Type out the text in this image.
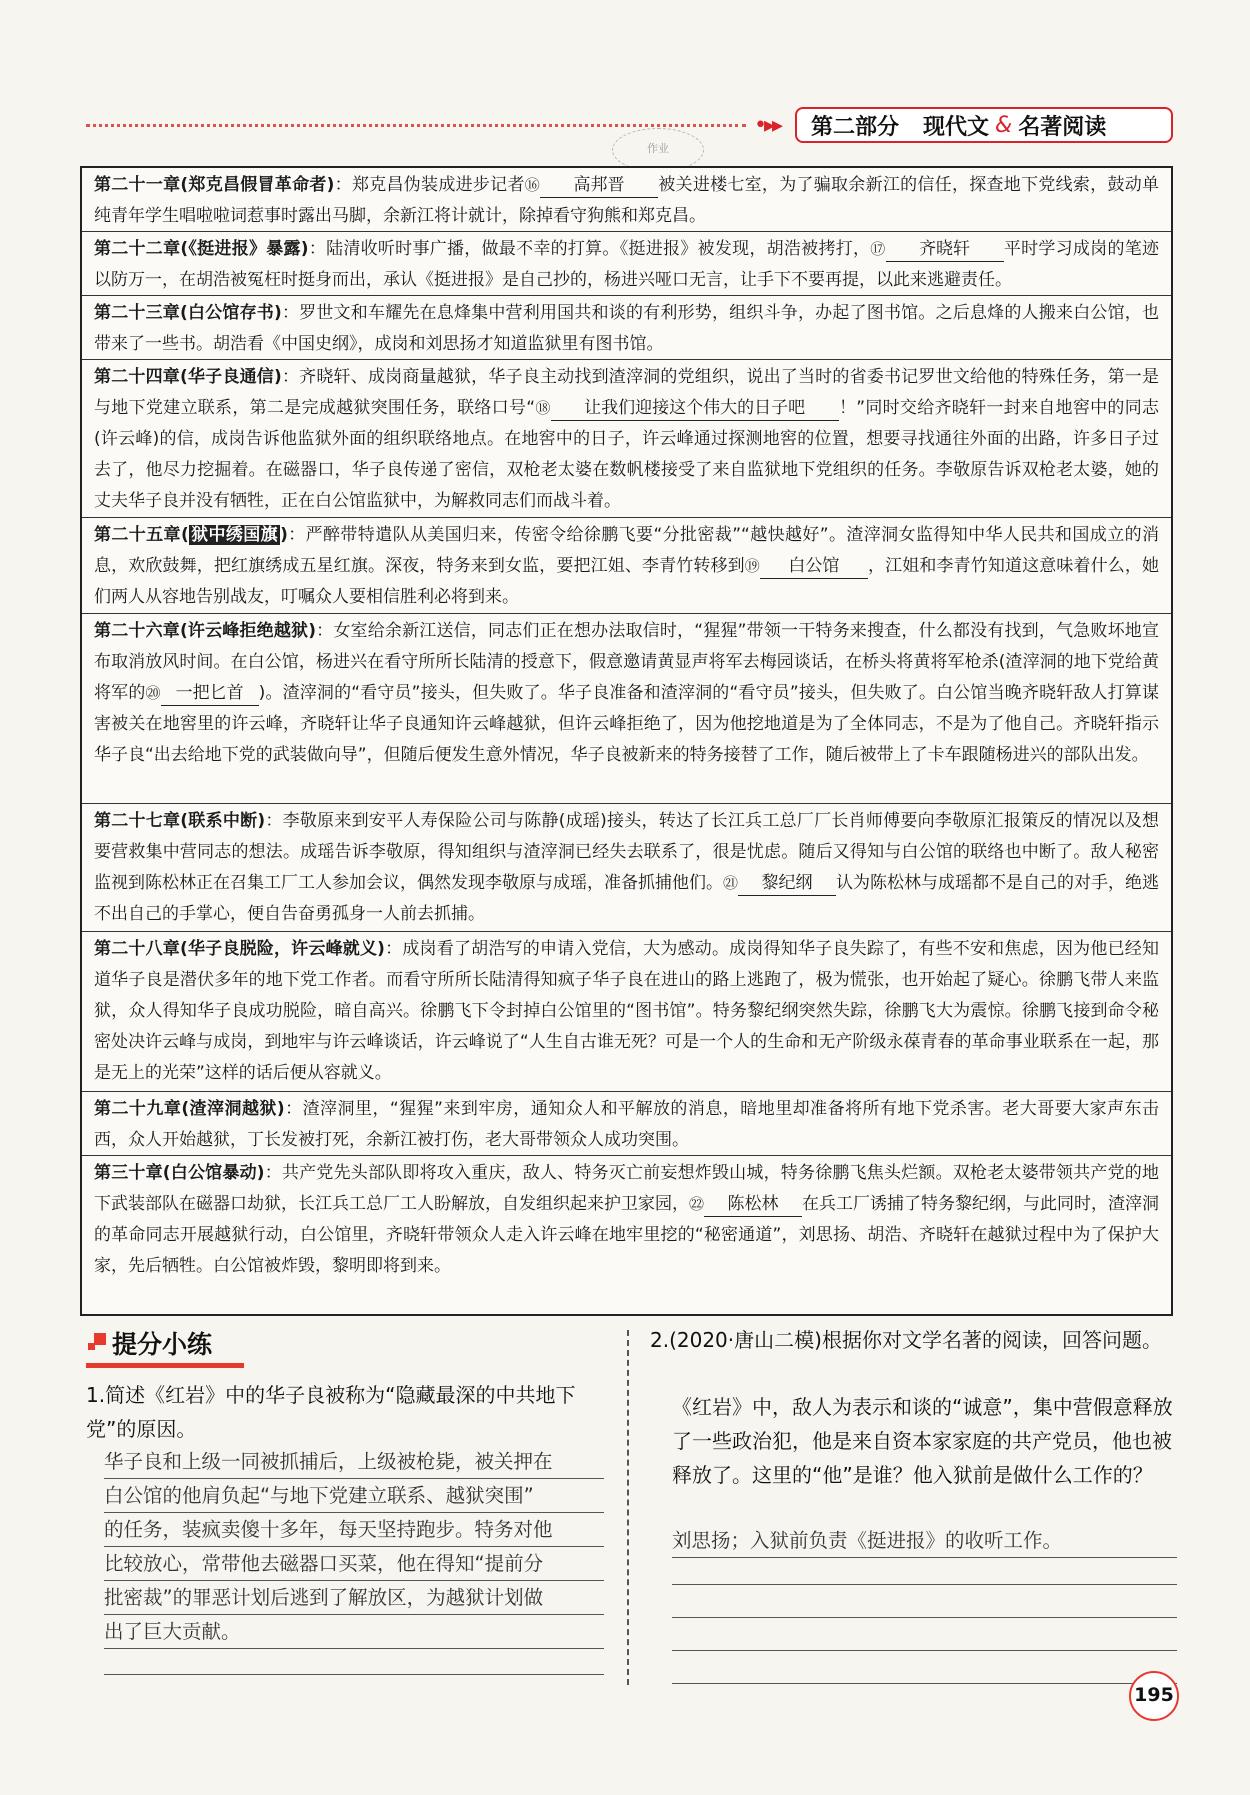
•▸▸ 第二部分 现代文 & 名著阅读
作业
第二十一章(郑克昌假冒革命者)：郑克昌伪装成进步记者⑯ 高邦晋 被关进楼七室，为了骗取余新江的信任，探查地下党线索，鼓动单纯青年学生唱啦啦词惹事时露出马脚，余新江将计就计，除掉看守狗熊和郑克昌。
第二十二章(《挺进报》暴露)：陆清收听时事广播，做最不幸的打算。《挺进报》被发现，胡浩被拷打，⑰ 齐晓轩 平时学习成岗的笔迹以防万一，在胡浩被冤枉时挺身而出，承认《挺进报》是自己抄的，杨进兴哑口无言，让手下不要再提，以此来逃避责任。
第二十三章(白公馆存书)：罗世文和车耀先在息烽集中营利用国共和谈的有利形势，组织斗争，办起了图书馆。之后息烽的人搬来白公馆，也带来了一些书。胡浩看《中国史纲》，成岗和刘思扬才知道监狱里有图书馆。
第二十四章(华子良通信)：齐晓轩、成岗商量越狱，华子良主动找到渣滓洞的党组织，说出了当时的省委书记罗世文给他的特殊任务，第一是与地下党建立联系，第二是完成越狱突围任务，联络口号“⑱ 让我们迎接这个伟大的日子吧 ！”同时交给齐晓轩一封来自地窖中的同志(许云峰)的信，成岗告诉他监狱外面的组织联络地点。在地窖中的日子，许云峰通过探测地窖的位置，想要寻找通往外面的出路，许多日子过去了，他尽力挖掘着。在磁器口，华子良传递了密信，双枪老太婆在数帆楼接受了来自监狱地下党组织的任务。李敬原告诉双枪老太婆，她的丈夫华子良并没有牺牲，正在白公馆监狱中，为解救同志们而战斗着。
第二十五章( 狱中绣国旗 )：严醉带特遣队从美国归来，传密令给徐鹏飞要“分批密裁”“越快越好”。渣滓洞女监得知中华人民共和国成立的消息，欢欣鼓舞，把红旗绣成五星红旗。深夜，特务来到女监，要把江姐、李青竹转移到⑲ 白公馆 ，江姐和李青竹知道这意味着什么，她们两人从容地告别战友，叮嘱众人要相信胜利必将到来。
第二十六章(许云峰拒绝越狱)：女室给余新江送信，同志们正在想办法取信时，“猩猩”带领一干特务来搜查，什么都没有找到，气急败坏地宣布取消放风时间。在白公馆，杨进兴在看守所所长陆清的授意下，假意邀请黄显声将军去梅园谈话，在桥头将黄将军枪杀(渣滓洞的地下党给黄将军的⑳ 一把匕首 )。渣滓洞的“看守员”接头，但失败了。华子良准备和渣滓洞的“看守员”接头，但失败了。白公馆当晚齐晓轩敌人打算谋害被关在地窖里的许云峰，齐晓轩让华子良通知许云峰越狱，但许云峰拒绝了，因为他挖地道是为了全体同志，不是为了他自己。齐晓轩指示华子良“出去给地下党的武装做向导”，但随后便发生意外情况，华子良被新来的特务接替了工作，随后被带上了卡车跟随杨进兴的部队出发。
第二十七章(联系中断)：李敬原来到安平人寿保险公司与陈静(成瑶)接头，转达了长江兵工总厂厂长肖师傅要向李敬原汇报策反的情况以及想要营救集中营同志的想法。成瑶告诉李敬原，得知组织与渣滓洞已经失去联系了，很是忧虑。随后又得知与白公馆的联络也中断了。敌人秘密监视到陈松林正在召集工厂工人参加会议，偶然发现李敬原与成瑶，准备抓捕他们。㉑ 黎纪纲 认为陈松林与成瑶都不是自己的对手，绝逃不出自己的手掌心，便自告奋勇孤身一人前去抓捕。
第二十八章(华子良脱险，许云峰就义)：成岗看了胡浩写的申请入党信，大为感动。成岗得知华子良失踪了，有些不安和焦虑，因为他已经知道华子良是潜伏多年的地下党工作者。而看守所所长陆清得知疯子华子良在进山的路上逃跑了，极为慌张，也开始起了疑心。徐鹏飞带人来监狱，众人得知华子良成功脱险，暗自高兴。徐鹏飞下令封掉白公馆里的“图书馆”。特务黎纪纲突然失踪，徐鹏飞大为震惊。徐鹏飞接到命令秘密处决许云峰与成岗，到地牢与许云峰谈话，许云峰说了“人生自古谁无死？可是一个人的生命和无产阶级永葆青春的革命事业联系在一起，那是无上的光荣”这样的话后便从容就义。
第二十九章(渣滓洞越狱)：渣滓洞里，“猩猩”来到牢房，通知众人和平解放的消息，暗地里却准备将所有地下党杀害。老大哥要大家声东击西，众人开始越狱，丁长发被打死，余新江被打伤，老大哥带领众人成功突围。
第三十章(白公馆暴动)：共产党先头部队即将攻入重庆，敌人、特务灭亡前妄想炸毁山城，特务徐鹏飞焦头烂额。双枪老太婆带领共产党的地下武装部队在磁器口劫狱，长江兵工总厂工人盼解放，自发组织起来护卫家园，㉒ 陈松林 在兵工厂诱捕了特务黎纪纲，与此同时，渣滓洞的革命同志开展越狱行动，白公馆里，齐晓轩带领众人走入许云峰在地牢里挖的“秘密通道”，刘思扬、胡浩、齐晓轩在越狱过程中为了保护大家，先后牺牲。白公馆被炸毁，黎明即将到来。
提分小练
1.简述《红岩》中的华子良被称为“隐藏最深的中共地下党”的原因。
华子良和上级一同被抓捕后，上级被枪毙，被关押在
白公馆的他肩负起“与地下党建立联系、越狱突围”
的任务，装疯卖傻十多年，每天坚持跑步。特务对他
比较放心，常带他去磁器口买菜，他在得知“提前分
批密裁”的罪恶计划后逃到了解放区，为越狱计划做
出了巨大贡献。
2.(2020·唐山二模)根据你对文学名著的阅读，回答问题。
《红岩》中，敌人为表示和谈的“诚意”，集中营假意释放了一些政治犯，他是来自资本家家庭的共产党员，他也被释放了。这里的“他”是谁？他入狱前是做什么工作的？
刘思扬；入狱前负责《挺进报》的收听工作。
195
